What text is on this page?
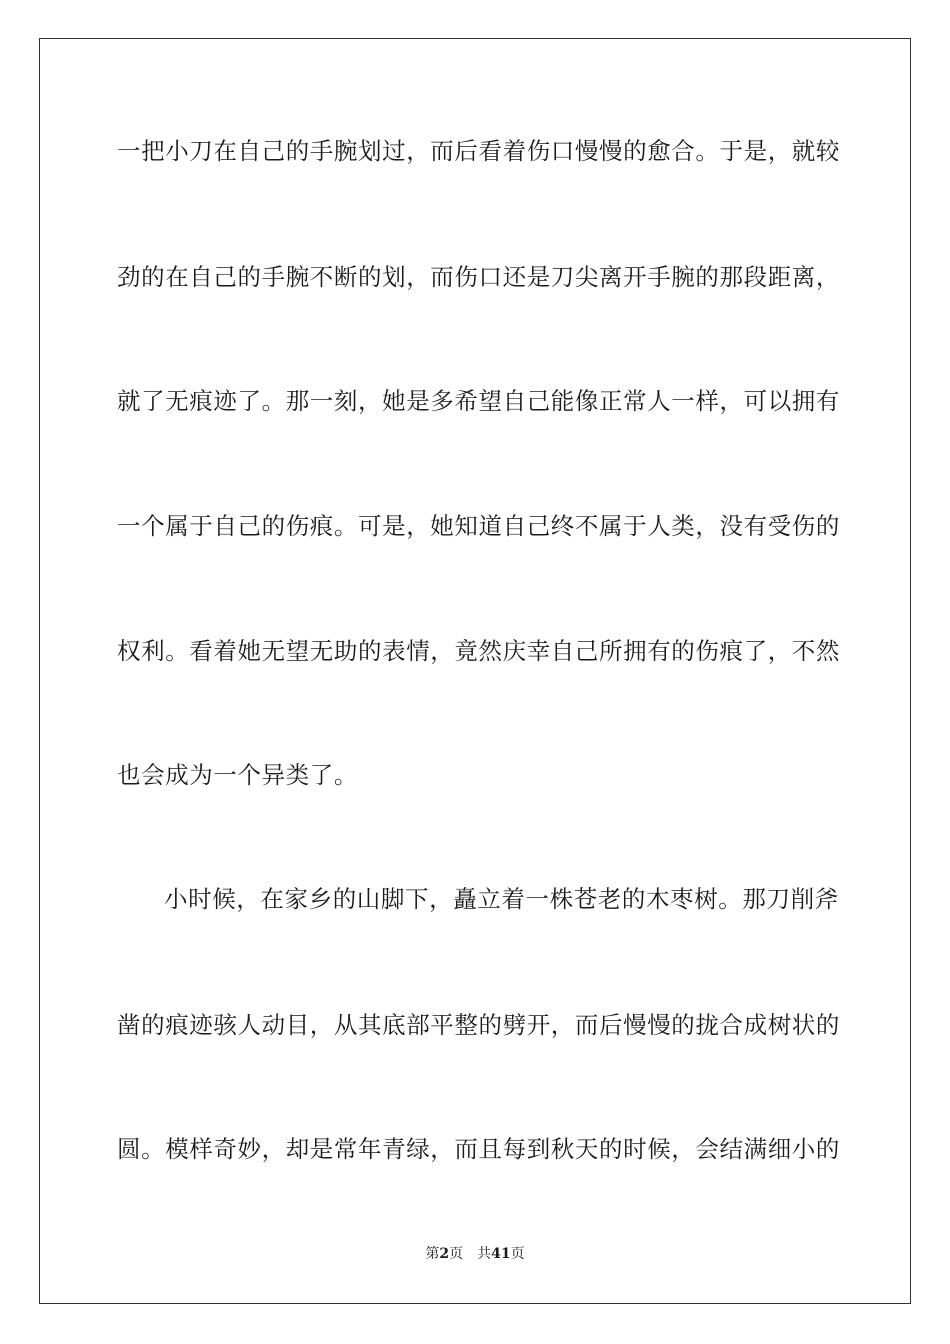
一把小刀在自己的手腕划过，而后看着伤口慢慢的愈合。于是，就较
劲的在自己的手腕不断的划，而伤口还是刀尖离开手腕的那段距离，
就了无痕迹了。那一刻，她是多希望自己能像正常人一样，可以拥有
一个属于自己的伤痕。可是，她知道自己终不属于人类，没有受伤的
权利。看着她无望无助的表情，竟然庆幸自己所拥有的伤痕了，不然
也会成为一个异类了。
小时候，在家乡的山脚下，矗立着一株苍老的木枣树。那刀削斧
凿的痕迹骇人动目，从其底部平整的劈开，而后慢慢的拢合成树状的
圆。模样奇妙，却是常年青绿，而且每到秋天的时候，会结满细小的
第2页 共41页
